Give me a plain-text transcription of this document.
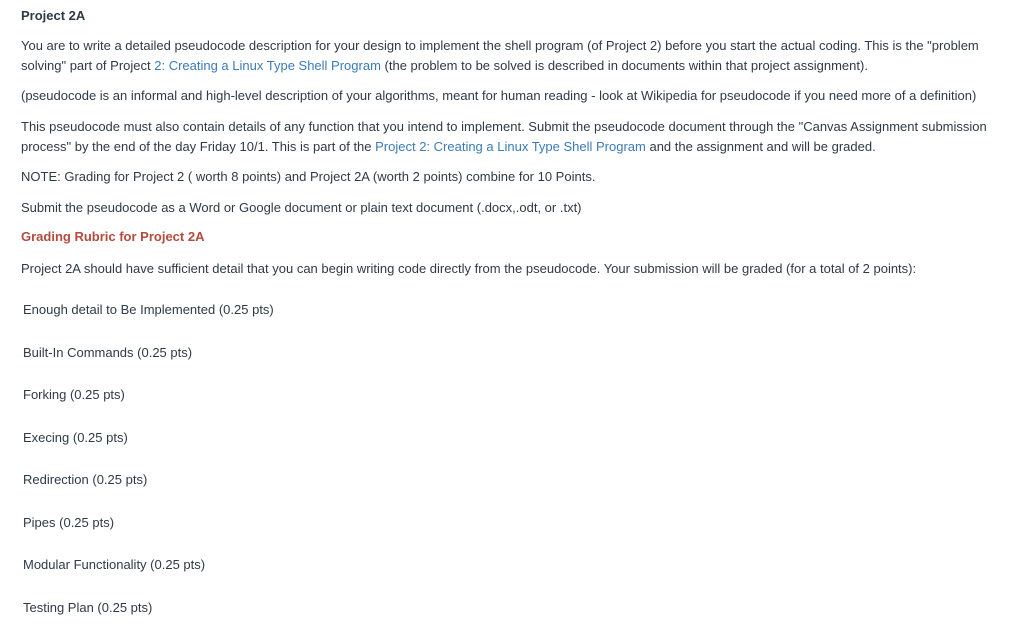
Project 2A

You are to write a detailed pseudocode description for your design to implement the shell program (of Project 2) before you start the actual coding. This is the "problem solving" part of Project 2: Creating a Linux Type Shell Program (the problem to be solved is described in documents within that project assignment).

(pseudocode is an informal and high-level description of your algorithms, meant for human reading - look at Wikipedia for pseudocode if you need more of a definition)

This pseudocode must also contain details of any function that you intend to implement. Submit the pseudocode document through the "Canvas Assignment submission process" by the end of the day Friday 10/1. This is part of the Project 2: Creating a Linux Type Shell Program and the assignment and will be graded.

NOTE: Grading for Project 2 ( worth 8 points) and Project 2A (worth 2 points) combine for 10 Points.

Submit the pseudocode as a Word or Google document or plain text document (.docx,.odt, or .txt)

Grading Rubric for Project 2A

Project 2A should have sufficient detail that you can begin writing code directly from the pseudocode. Your submission will be graded (for a total of 2 points):

Enough detail to Be Implemented (0.25 pts)
Built-In Commands (0.25 pts)
Forking (0.25 pts)
Execing (0.25 pts)
Redirection (0.25 pts)
Pipes (0.25 pts)
Modular Functionality (0.25 pts)
Testing Plan (0.25 pts)
